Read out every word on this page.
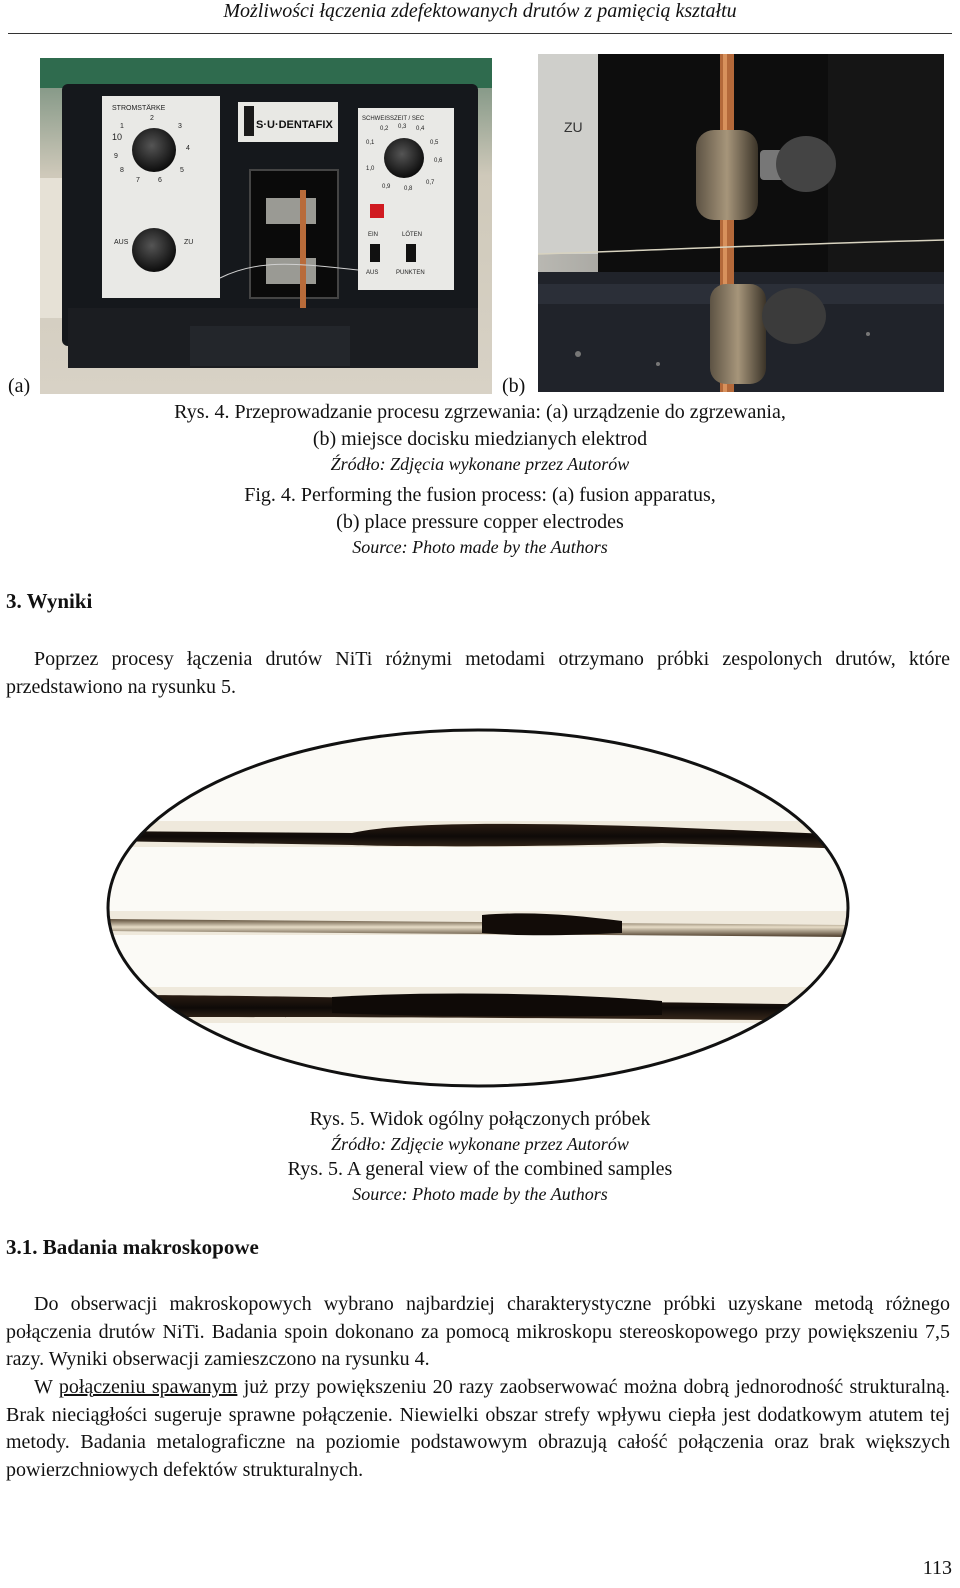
Możliwości łączenia zdefektowanych drutów z pamięcią kształtu
S·U·DENTAFIX
STROMSTÄRKE
SCHWEISSZEIT / SEC
1
2
3
4
5
6
7
8
9
10
AUS	ZU
0,1
0,2 0,3 0,4
0,5
0,6
0,7
0,8
0,9
1,0
EIN
AUS
LÖTEN
PUNKTEN
ZU
(a)	(b)
Rys. 4. Przeprowadzanie procesu zgrzewania: (a) urządzenie do zgrzewania,
(b) miejsce docisku miedzianych elektrod
Źródło: Zdjęcia wykonane przez Autorów
Fig. 4. Performing the fusion process: (a) fusion apparatus,
(b) place pressure copper electrodes
Source: Photo made by the Authors
3. Wyniki
Poprzez procesy łączenia drutów NiTi różnymi metodami otrzymano próbki zespolonych drutów, które przedstawiono na rysunku 5.
Rys. 5. Widok ogólny połączonych próbek
Źródło: Zdjęcie wykonane przez Autorów
Rys. 5. A general view of the combined samples
Source: Photo made by the Authors
3.1. Badania makroskopowe
Do obserwacji makroskopowych wybrano najbardziej charakterystyczne próbki uzyskane metodą różnego połączenia drutów NiTi. Badania spoin dokonano za pomocą mikroskopu stereoskopowego przy powiększeniu 7,5 razy. Wyniki obserwacji zamieszczono na rysunku 4.
W połączeniu spawanym już przy powiększeniu 20 razy zaobserwować można dobrą jednorodność strukturalną. Brak nieciągłości sugeruje sprawne połączenie. Niewielki obszar strefy wpływu ciepła jest dodatkowym atutem tej metody. Badania metalograficzne na poziomie podstawowym obrazują całość połączenia oraz brak większych powierzchniowych defektów strukturalnych.
113
